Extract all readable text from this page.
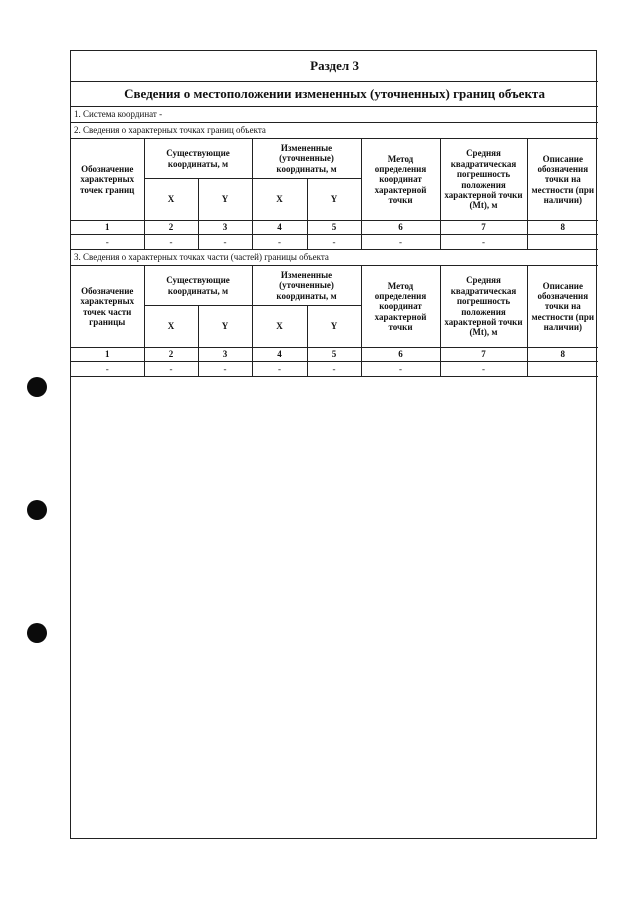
Раздел 3							
Сведения о местоположении измененных (уточненных) границ объекта							
1. Система координат -							
2. Сведения о характерных точках границ объекта							
Обозначение характерных точек границ	Существующие координаты, м		Измененные (уточненные) координаты, м		Метод определения координат характерной точки	Средняя квадратическая погрешность положения характерной точки (Mt), м	Описание обозначения точки на местности (при наличии)
	X	Y	X	Y			
1	2	3	4	5	6	7	8
-	-	-	-	-	-	-	
3. Сведения о характерных точках части (частей) границы объекта							
Обозначение характерных точек части границы	Существующие координаты, м		Измененные (уточненные) координаты, м		Метод определения координат характерной точки	Средняя квадратическая погрешность положения характерной точки (Mt), м	Описание обозначения точки на местности (при наличии)
	X	Y	X	Y			
1	2	3	4	5	6	7	8
-	-	-	-	-	-	-	
